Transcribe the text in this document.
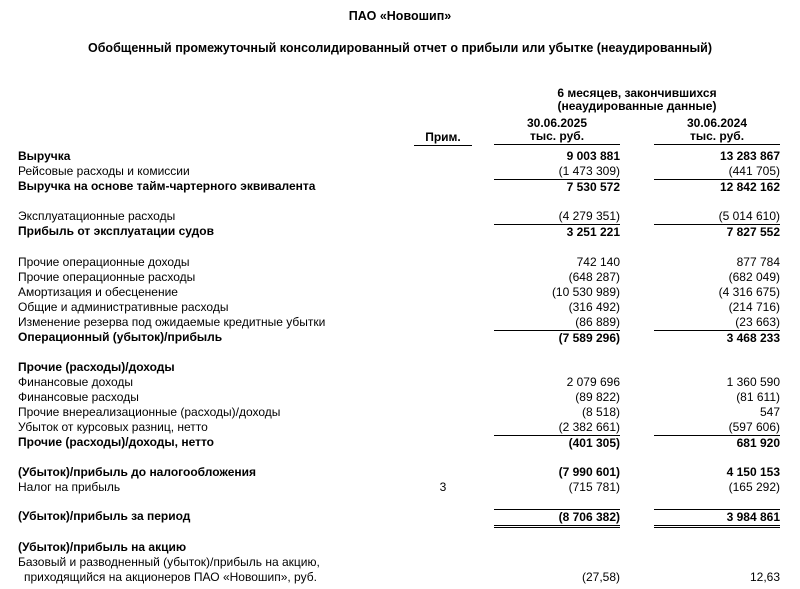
ПАО «Новошип»
Обобщенный промежуточный консолидированный отчет о прибыли или убытке (неаудированный)
6 месяцев, закончившихся
(неаудированные данные)
30.06.2025
тыс. руб.
30.06.2024
тыс. руб.
Прим.
Выручка	9 003 881	13 283 867
Рейсовые расходы и комиссии	(1 473 309)	(441 705)
Выручка на основе тайм-чартерного эквивалента	7 530 572	12 842 162
Эксплуатационные расходы	(4 279 351)	(5 014 610)
Прибыль от эксплуатации судов	3 251 221	7 827 552
Прочие операционные доходы	742 140	877 784
Прочие операционные расходы	(648 287)	(682 049)
Амортизация и обесценение	(10 530 989)	(4 316 675)
Общие и административные расходы	(316 492)	(214 716)
Изменение резерва под ожидаемые кредитные убытки	(86 889)	(23 663)
Операционный (убыток)/прибыль	(7 589 296)	3 468 233
Прочие (расходы)/доходы
Финансовые доходы	2 079 696	1 360 590
Финансовые расходы	(89 822)	(81 611)
Прочие внереализационные (расходы)/доходы	(8 518)	547
Убыток от курсовых разниц, нетто	(2 382 661)	(597 606)
Прочие (расходы)/доходы, нетто	(401 305)	681 920
(Убыток)/прибыль до налогообложения	(7 990 601)	4 150 153
Налог на прибыль	3	(715 781)	(165 292)
(Убыток)/прибыль за период	(8 706 382)	3 984 861
(Убыток)/прибыль на акцию
Базовый и разводненный (убыток)/прибыль на акцию,
приходящийся на акционеров ПАО «Новошип», руб.	(27,58)	12,63
